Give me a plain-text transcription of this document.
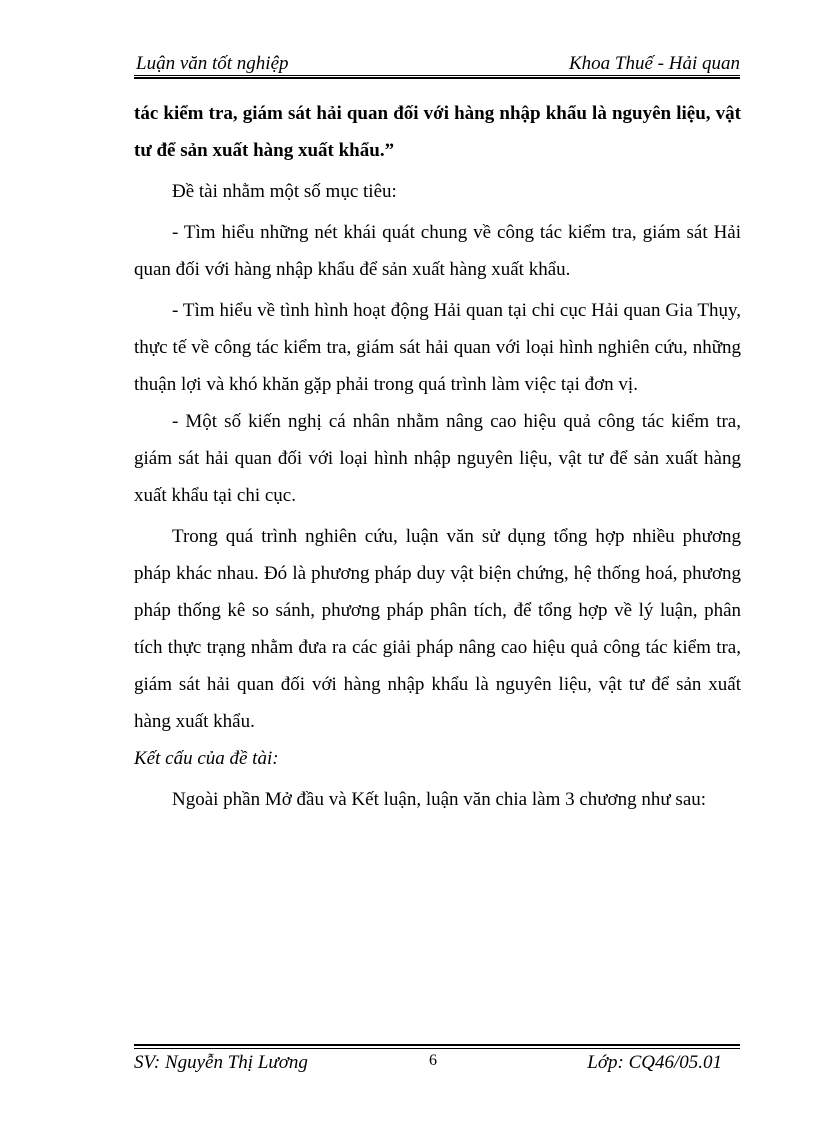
Luận văn tốt nghiệp	Khoa Thuế - Hải quan

tác kiểm tra, giám sát hải quan đối với hàng nhập khẩu là nguyên liệu, vật tư để sản xuất hàng xuất khẩu.”

Đề tài nhằm một số mục tiêu:

- Tìm hiểu những nét khái quát chung về công tác kiểm tra, giám sát Hải quan đối với hàng nhập khẩu để sản xuất hàng xuất khẩu.

- Tìm hiểu về tình hình hoạt động Hải quan tại chi cục Hải quan Gia Thụy, thực tế về công tác kiểm tra, giám sát hải quan với loại hình nghiên cứu, những thuận lợi và khó khăn gặp phải trong quá trình làm việc tại đơn vị.

- Một số kiến nghị cá nhân nhằm nâng cao hiệu quả công tác kiểm tra, giám sát hải quan đối với loại hình nhập nguyên liệu, vật tư để sản xuất hàng xuất khẩu tại chi cục.

Trong quá trình nghiên cứu, luận văn sử dụng tổng hợp nhiều phương pháp khác nhau. Đó là phương pháp duy vật biện chứng, hệ thống hoá, phương pháp thống kê so sánh, phương pháp phân tích, để tổng hợp về lý luận, phân tích thực trạng nhằm đưa ra các giải pháp nâng cao hiệu quả công tác kiểm tra, giám sát hải quan đối với hàng nhập khẩu là nguyên liệu, vật tư để sản xuất hàng xuất khẩu.

Kết cấu của đề tài:

Ngoài phần Mở đầu và Kết luận, luận văn chia làm 3 chương như sau:

SV: Nguyễn Thị Lương	6	Lớp: CQ46/05.01
